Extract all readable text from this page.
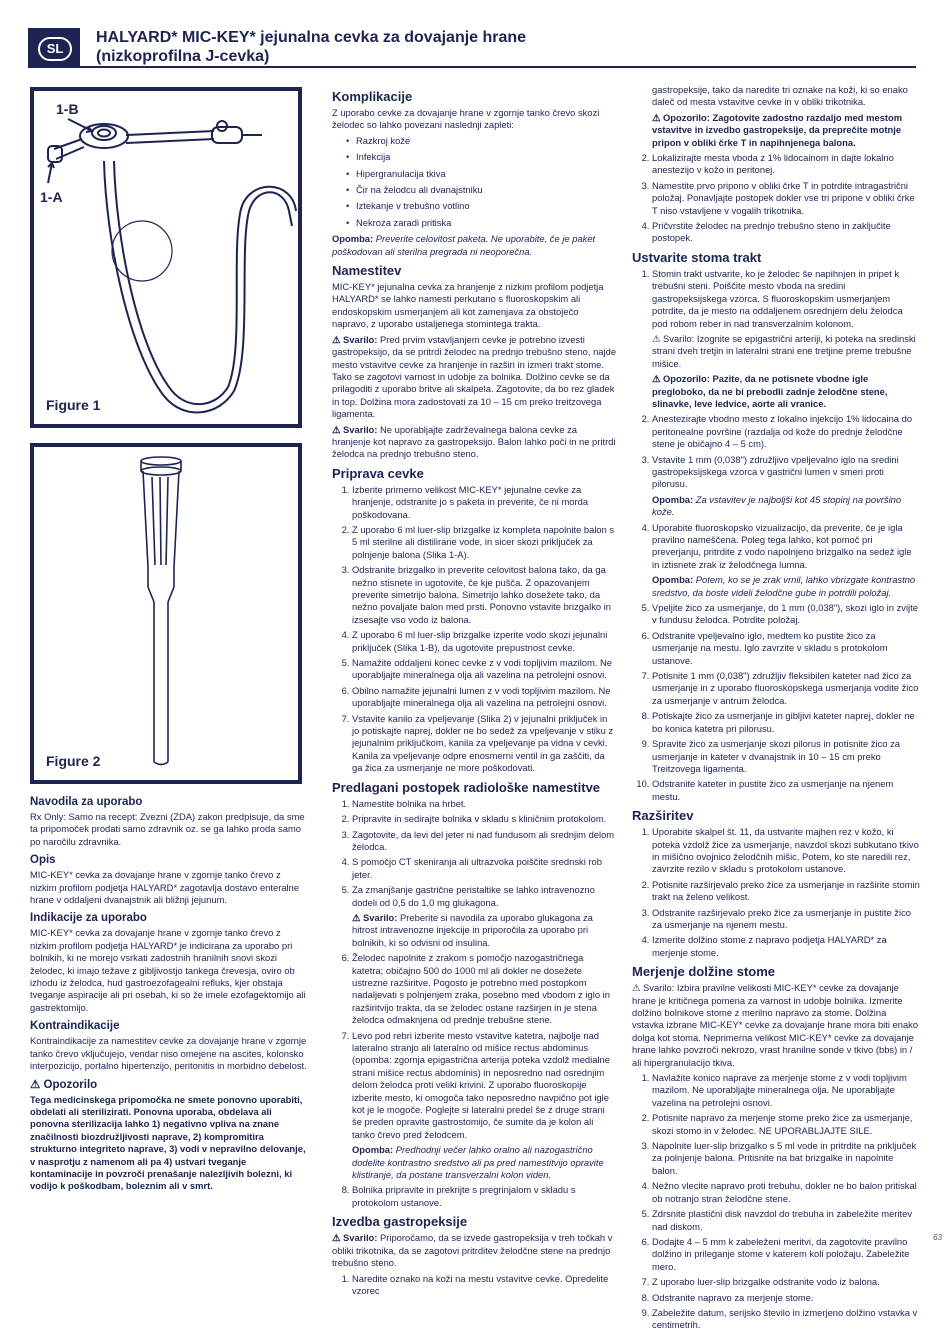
SL
HALYARD* MIC-KEY* jejunalna cevka za dovajanje hrane
(nizkoprofilna J-cevka)
1-B
1-A
Figure 1
Figure 2
Navodila za uporabo

Rx Only: Samo na recept: Zvezni (ZDA) zakon predpisuje, da sme ta pripomoček prodati samo zdravnik oz. se ga lahko proda samo po naročilu zdravnika.

Opis

MIC-KEY* cevka za dovajanje hrane v zgornje tanko črevo z nizkim profilom podjetja HALYARD* zagotavlja dostavo enteralne hrane v oddaljeni dvanajstnik ali bližnji jejunum.

Indikacije za uporabo

MIC-KEY* cevka za dovajanje hrane v zgornje tanko črevo z nizkim profilom podjetja HALYARD* je indicirana za uporabo pri bolnikih, ki ne morejo vsrkati zadostnih hranilnih snovi skozi želodec, ki imajo težave z gibljivostjo tankega črevesja, oviro ob izhodu iz želodca, hud gastroezofagealni refluks, kjer obstaja tveganje aspiracije ali pri osebah, ki so že imele ezofagektomijo ali gastrektomijo.

Kontraindikacije

Kontraindikacije za namestitev cevke za dovajanje hrane v zgornje tanko črevo vključujejo, vendar niso omejene na ascites, kolonsko interpozicijo, portalno hipertenzijo, peritonitis in morbidno debelost.

⚠ Opozorilo

Tega medicinskega pripomočka ne smete ponovno uporabiti, obdelati ali sterilizirati. Ponovna uporaba, obdelava ali ponovna sterilizacija lahko 1) negativno vpliva na znane značilnosti biozdružljivosti naprave, 2) kompromitira strukturno integriteto naprave, 3) vodi v nepravilno delovanje, v nasprotju z namenom ali pa 4) ustvari tveganje kontaminacije in povzroči prenašanje nalezljivih bolezni, ki vodijo k poškodbam, boleznim ali v smrt.

Komplikacije

Z uporabo cevke za dovajanje hrane v zgornje tanko črevo skozi želodec so lahko povezani naslednji zapleti:

• Razkroj kože
• Infekcija
• Hipergranulacija tkiva
• Čir na želodcu ali dvanajstniku
• Iztekanje v trebušno votlino
• Nekroza zaradi pritiska

Opomba: Preverite celovitost paketa. Ne uporabite, če je paket poškodovan ali sterilna pregrada ni neoporečna.

Namestitev

MIC-KEY* jejunalna cevka za hranjenje z nizkim profilom podjetja HALYARD* se lahko namesti perkutano s fluoroskopskim ali endoskopskim usmerjanjem ali kot zamenjava za obstoječo napravo, z uporabo ustaljenega stomintega trakta.

⚠ Svarilo: Pred prvim vstavljanjem cevke je potrebno izvesti gastropeksijo, da se pritrdi želodec na prednjo trebušno steno, najde mesto vstavitve cevke za hranjenje in razširi in izmeri trakt stome. Tako se zagotovi varnost in udobje za bolnika. Dolžino cevke se da prilagoditi z uporabo britve ali skalpela. Zagotovite, da bo rez gladek in top. Dolžina mora zadostovati za 10 – 15 cm preko treitzovega ligamenta.

⚠ Svarilo: Ne uporabljajte zadrževalnega balona cevke za hranjenje kot napravo za gastropeksijo. Balon lahko poči in ne pritrdi želodca na prednjo trebušno steno.

Priprava cevke
1. Izberite primerno velikost MIC-KEY* jejunalne cevke za hranjenje, odstranite jo s paketa in preverite, če ni morda poškodovana.
2. Z uporabo 6 ml luer-slip brizgalke iz kompleta napolnite balon s 5 ml sterilne ali distilirane vode, in sicer skozi priključek za polnjenje balona (Slika 1-A).
3. Odstranite brizgalko in preverite celovitost balona tako, da ga nežno stisnete in ugotovite, če kje pušča. Z opazovanjem preverite simetrijo balona. Simetrijo lahko dosežete tako, da nežno povaljate balon med prsti. Ponovno vstavite brizgalko in izsesajte vso vodo iz balona.
4. Z uporabo 6 ml luer-slip brizgalke izperite vodo skozi jejunalni priključek (Slika 1-B), da ugotovite prepustnost cevke.
5. Namažite oddaljeni konec cevke z v vodi topljivim mazilom. Ne uporabljajte mineralnega olja ali vazelina na petrolejni osnovi.
6. Obilno namažite jejunalni lumen z v vodi topljivim mazilom. Ne uporabljajte mineralnega olja ali vazelina na petrolejni osnovi.
7. Vstavite kanilo za vpeljevanje (Slika 2) v jejunalni priključek in jo potiskajte naprej, dokler ne bo sedež za vpeljevanje v stiku z jejunalnim priključkom, kanila za vpeljevanje pa vidna v cevki. Kanila za vpeljevanje odpre enosmerni ventil in ga zaščiti, da ga žica za usmerjanje ne more poškodovati.
Predlagani postopek radiološke namestitve
1. Namestite bolnika na hrbet.
2. Pripravite in sedirajte bolnika v skladu s kliničnim protokolom.
3. Zagotovite, da levi del jeter ni nad fundusom ali srednjim delom želodca.
4. S pomočjo CT skeniranja ali ultrazvoka poiščite srednski rob jeter.
5. Za zmanjšanje gastrične peristaltike se lahko intravenozno dodeli od 0,5 do 1,0 mg glukagona.

⚠ Svarilo: Preberite si navodila za uporabo glukagona za hitrost intravenozne injekcije in priporočila za uporabo pri bolnikih, ki so odvisni od insulina.

6. Želodec napolnite z zrakom s pomočjo nazogastričnega katetra; običajno 500 do 1000 ml ali dokler ne dosežete ustrezne razširitve. Pogosto je potrebno med postopkom nadaljevati s polnjenjem zraka, posebno med vbodom z iglo in razširitvijo trakta, da se želodec ostane razširjen in je stena želodca odmaknjena od prednje trebušne stene.
7. Levo pod rebri izberite mesto vstavitve katetra, najbolje nad lateralno stranjo ali lateralno od mišice rectus abdominus (opomba: zgornja epigastrična arterija poteka vzdolž medialne strani mišice rectus abdominis) in neposredno nad osrednjim delom želodca proti veliki krivini. Z uporabo fluoroskopije izberite mesto, ki omogoča tako neposredno navpično pot igle kot je le mogoče. Poglejte si lateralni predel še z druge strani še preden opravite gastrostomijo, če sumite da je kolon ali tanko črevo pred želodcem.

Opomba: Predhodnji večer lahko oralno ali nazogastrično dodelite kontrastno sredstvo ali pa pred namestitvijo opravite klistiranje, da postane transverzalni kolon viden.

8. Bolnika pripravite in prekrijte s pregrinjalom v skladu s protokolom ustanove.
Izvedba gastropeksije

⚠ Svarilo: Priporočamo, da se izvede gastropeksija v treh točkah v obliki trikotnika, da se zagotovi pritrditev želodčne stene na prednjo trebušno steno.

1. Naredite oznako na koži na mestu vstavitve cevke. Opredelite vzorec

gastropeksije, tako da naredite tri oznake na koži, ki so enako daleč od mesta vstavitve cevke in v obliki trikotnika.

⚠ Opozorilo: Zagotovite zadostno razdaljo med mestom vstavitve in izvedbo gastropeksije, da preprečite motnje pripon v obliki črke T in napihnjenega balona.

2. Lokalizirajte mesta vboda z 1% lidocainom in dajte lokalno anestezijo v kožo in peritonej.
3. Namestite prvo pripono v obliki črke T in potrdite intragastrični položaj. Ponavljajte postopek dokler vse tri pripone v obliki črke T niso vstavljene v vogalih trikotnika.
4. Pričvrstite želodec na prednjo trebušno steno in zaključite postopek.
Ustvarite stoma trakt
1. Stomin trakt ustvarite, ko je želodec še napihnjen in pripet k trebušni steni. Poiščite mesto vboda na sredini gastropeksijskega vzorca. S fluoroskopskim usmerjanjem potrdite, da je mesto na oddaljenem osrednjem delu želodca pod robom reber in nad transverzalnim kolonom.

⚠ Svarilo: Izognite se epigastrični arteriji, ki poteka na sredinski strani dveh tretjin in lateralni strani ene tretjine preme trebušne mišice.

⚠ Opozorilo: Pazite, da ne potisnete vbodne igle pregloboko, da ne bi prebodli zadnje želodčne stene, slinavke, leve ledvice, aorte ali vranice.

2. Anestezirajte vbodno mesto z lokalno injekcijo 1% lidocaina do peritonealne površine (razdalja od kože do prednje želodčne stene je običajno 4 – 5 cm).
3. Vstavite 1 mm (0,038") združljivo vpeljevalno iglo na sredini gastropeksijskega vzorca v gastrični lumen v smeri proti pilorusu.

Opomba: Za vstavitev je najboljši kot 45 stopinj na površino kože.

4. Uporabite fluoroskopsko vizualizacijo, da preverite, če je igla pravilno nameščena. Poleg tega lahko, kot pomoč pri preverjanju, pritrdite z vodo napolnjeno brizgalko na sedež igle in iztisnete zrak iz želodčnega lumna.

Opomba: Potem, ko se je zrak vrnil, lahko vbrizgate kontrastno sredstvo, da boste videli želodčne gube in potrdili položaj.

5. Vpeljite žico za usmerjanje, do 1 mm (0,038"), skozi iglo in zvijte v fundusu želodca. Potrdite položaj.
6. Odstranite vpeljevalno iglo, medtem ko pustite žico za usmerjanje na mestu. Iglo zavrzite v skladu s protokolom ustanove.
7. Potisnite 1 mm (0,038") združljiv fleksibilen kateter nad žico za usmerjanje in z uporabo fluoroskopskega usmerjanja vodite žico za usmerjanje v antrum želodca.
8. Potiskajte žico za usmerjanje in gibljivi kateter naprej, dokler ne bo konica katetra pri pilorusu.
9. Spravite žico za usmerjanje skozi pilorus in potisnite žico za usmerjanje in kateter v dvanajstnik in 10 – 15 cm preko Treitzovega ligamenta.
10. Odstranite kateter in pustite žico za usmerjanje na njenem mestu.
Razširitev
1. Uporabite skalpel št. 11, da ustvarite majhen rez v kožo, ki poteka vzdolž žice za usmerjanje, navzdol skozi subkutano tkivo in mišično ovojnico želodčnih mišic. Potem, ko ste naredili rez, zavrzite rezilo v skladu s protokolom ustanove.
2. Potisnite razširjevalo preko žice za usmerjanje in razširite stomin trakt na želeno velikost.
3. Odstranite razširjevalo preko žice za usmerjanje in pustite žico za usmerjanje na njenem mestu.
4. Izmerite dolžino stome z napravo podjetja HALYARD* za merjenje stome.
Merjenje dolžine stome

⚠ Svarilo: Izbira pravilne velikosti MIC-KEY* cevke za dovajanje hrane je kritičnega pomena za varnost in udobje bolnika. Izmerite dolžino bolnikove stome z merilno napravo za stome. Dolžina vstavka izbrane MIC-KEY* cevke za dovajanje hrane mora biti enako dolga kot stoma. Neprimerna velikost MIC-KEY* cevke za dovajanje hrane lahko povzroči nekrozo, vrast hranilne sonde v tkivo (bbs) in / ali hipergranulacijo tkiva.

1. Navlažite konico naprave za merjenje stome z v vodi topljivim mazilom. Ne uporabljajte mineralnega olja. Ne uporabljajte vazelina na petrolejni osnovi.
2. Potisnite napravo za merjenje stome preko žice za usmerjanje, skozi stomo in v želodec. NE UPORABLJAJTE SILE.
3. Napolnite luer-slip brizgalko s 5 ml vode in pritrdite na priključek za polnjenje balona. Pritisnite na bat brizgalke in napolnite balon.
4. Nežno vlecite napravo proti trebuhu, dokler ne bo balon pritiskal ob notranjo stran želodčne stene.
5. Zdrsnite plastični disk navzdol do trebuha in zabeležite meritev nad diskom.
6. Dodajte 4 – 5 mm k zabeleženi meritvi, da zagotovite pravilno dolžino in prileganje stome v katerem koli položaju. Zabeležite mero.
7. Z uporabo luer-slip brizgalke odstranite vodo iz balona.
8. Odstranite napravo za merjenje stome.
9. Zabeležite datum, serijsko število in izmerjeno dolžino vstavka v centimetrih.
63
